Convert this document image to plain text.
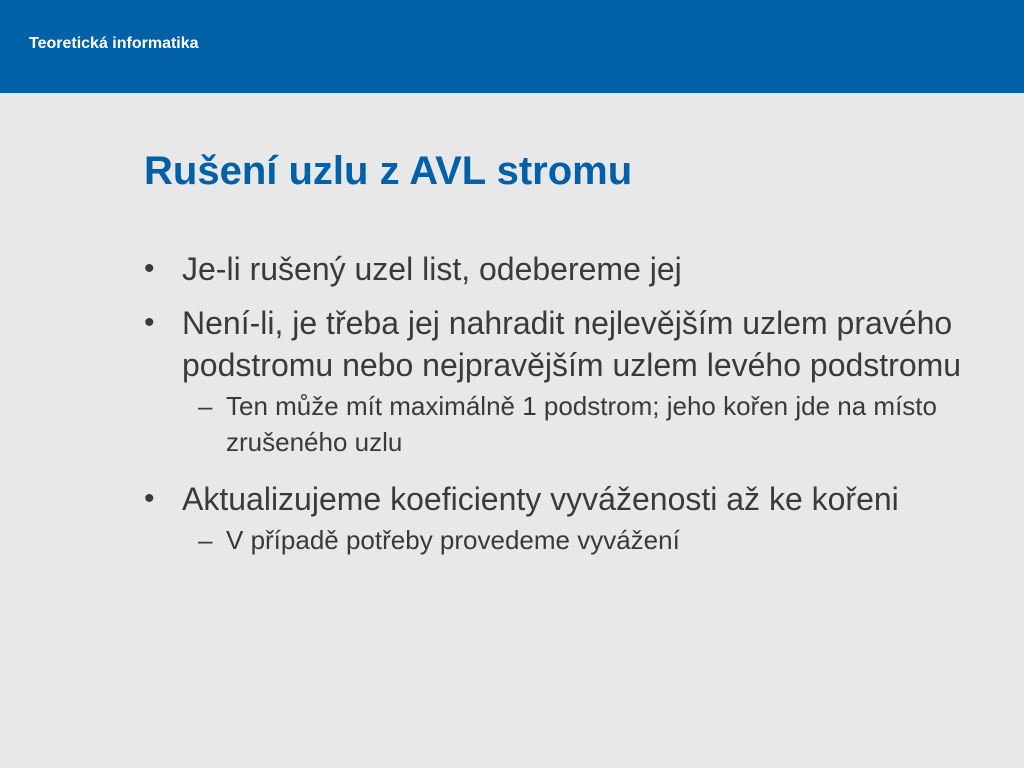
Teoretická informatika
Rušení uzlu z AVL stromu
• Je-li rušený uzel list, odebereme jej
• Není-li, je třeba jej nahradit nejlevějším uzlem pravého podstromu nebo nejpravějším uzlem levého podstromu
– Ten může mít maximálně 1 podstrom; jeho kořen jde na místo zrušeného uzlu
• Aktualizujeme koeficienty vyváženosti až ke kořeni
– V případě potřeby provedeme vyvážení
